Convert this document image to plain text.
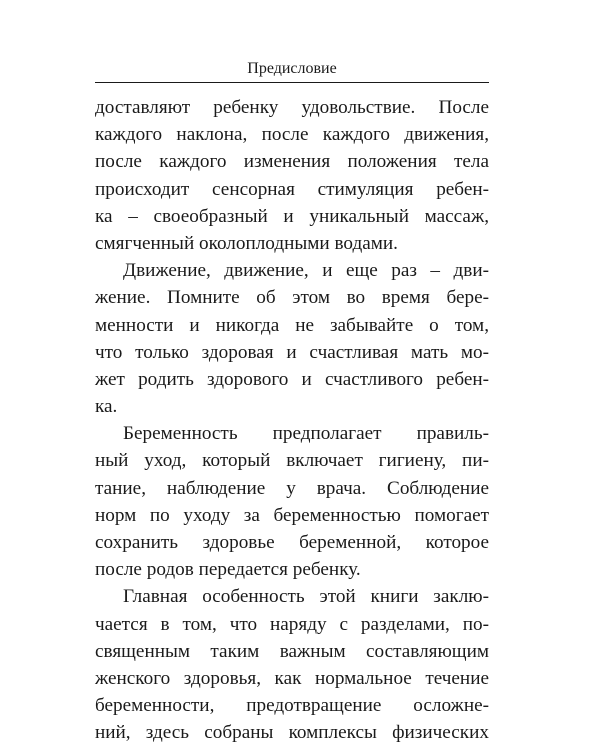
Предисловие
доставляют ребенку удовольствие. После
каждого наклона, после каждого движения,
после каждого изменения положения тела
происходит сенсорная стимуляция ребен-
ка – своеобразный и уникальный массаж,
смягченный околоплодными водами.
Движение, движение, и еще раз – дви-
жение. Помните об этом во время бере-
менности и никогда не забывайте о том,
что только здоровая и счастливая мать мо-
жет родить здорового и счастливого ребен-
ка.
Беременность предполагает правиль-
ный уход, который включает гигиену, пи-
тание, наблюдение у врача. Соблюдение
норм по уходу за беременностью помогает
сохранить здоровье беременной, которое
после родов передается ребенку.
Главная особенность этой книги заклю-
чается в том, что наряду с разделами, по-
священным таким важным составляющим
женского здоровья, как нормальное течение
беременности, предотвращение осложне-
ний, здесь собраны комплексы физических
